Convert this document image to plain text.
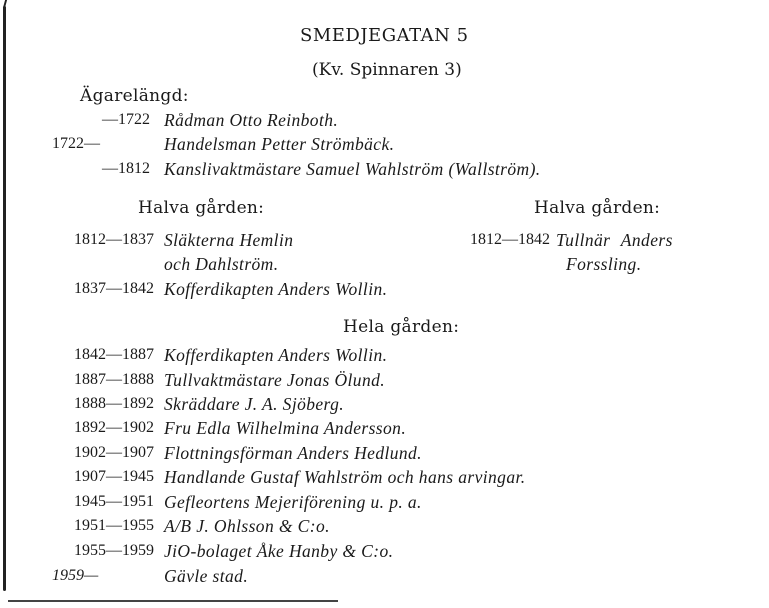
SMEDJEGATAN 5
(Kv. Spinnaren 3)
Ägarelängd:
—1722 Rådman Otto Reinboth.
1722—	Handelsman Petter Strömbäck.
—1812 Kanslivaktmästare Samuel Wahlström (Wallström).
Halva gården:	Halva gården:
1812—1837 Släkterna Hemlin
och Dahlström.
1837—1842 Kofferdikapten Anders Wollin.
1812—1842 Tullnär Anders
Forssling.
Hela gården:
1842—1887 Kofferdikapten Anders Wollin.
1887—1888 Tullvaktmästare Jonas Ölund.
1888—1892 Skräddare J. A. Sjöberg.
1892—1902 Fru Edla Wilhelmina Andersson.
1902—1907 Flottningsförman Anders Hedlund.
1907—1945 Handlande Gustaf Wahlström och hans arvingar.
1945—1951 Gefleortens Mejeriförening u. p. a.
1951—1955 A/B J. Ohlsson & C:o.
1955—1959 JiO-bolaget Åke Hanby & C:o.
1959—	Gävle stad.
